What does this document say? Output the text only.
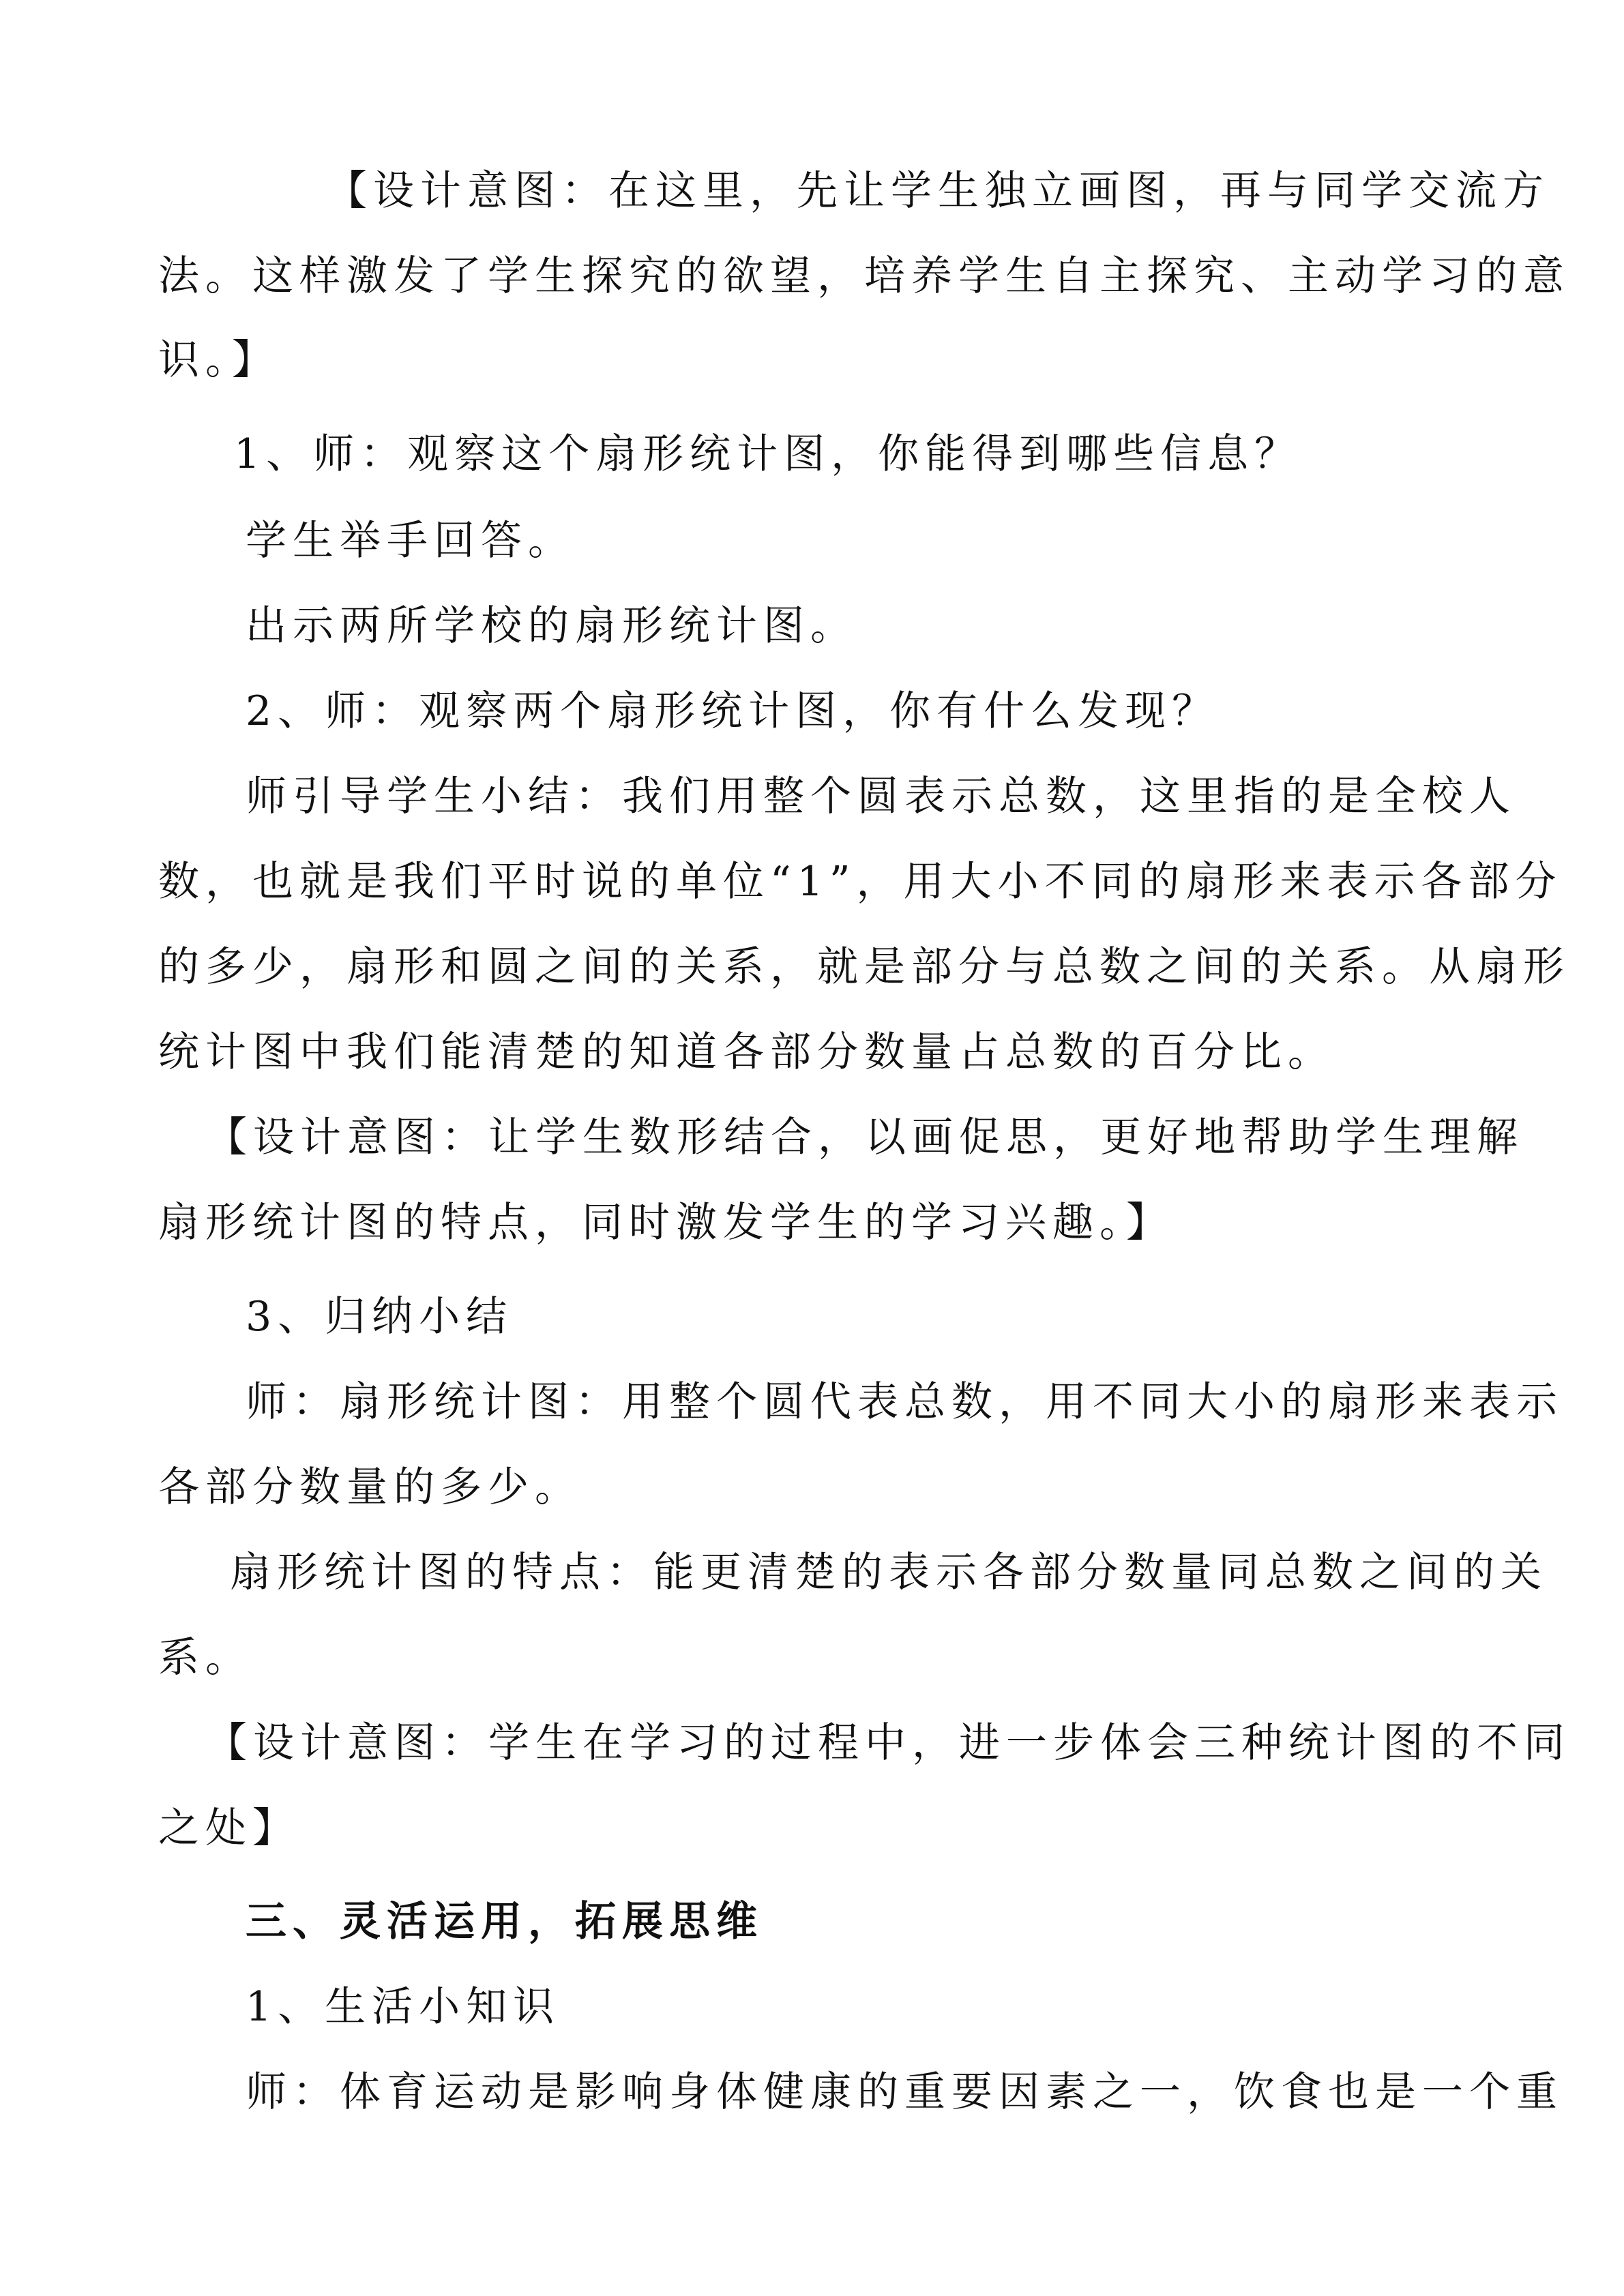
【设计意图：在这里，先让学生独立画图，再与同学交流方
法。这样激发了学生探究的欲望，培养学生自主探究、主动学习的意
识。】
1、师：观察这个扇形统计图，你能得到哪些信息？
学生举手回答。
出示两所学校的扇形统计图。
2、师：观察两个扇形统计图，你有什么发现？
师引导学生小结：我们用整个圆表示总数，这里指的是全校人
数，也就是我们平时说的单位“1”，用大小不同的扇形来表示各部分
的多少，扇形和圆之间的关系，就是部分与总数之间的关系。从扇形
统计图中我们能清楚的知道各部分数量占总数的百分比。
【设计意图：让学生数形结合，以画促思，更好地帮助学生理解
扇形统计图的特点，同时激发学生的学习兴趣。】
3、归纳小结
师：扇形统计图：用整个圆代表总数，用不同大小的扇形来表示
各部分数量的多少。
扇形统计图的特点：能更清楚的表示各部分数量同总数之间的关
系。
【设计意图：学生在学习的过程中，进一步体会三种统计图的不同
之处】
三、灵活运用，拓展思维
1、生活小知识
师：体育运动是影响身体健康的重要因素之一，饮食也是一个重
